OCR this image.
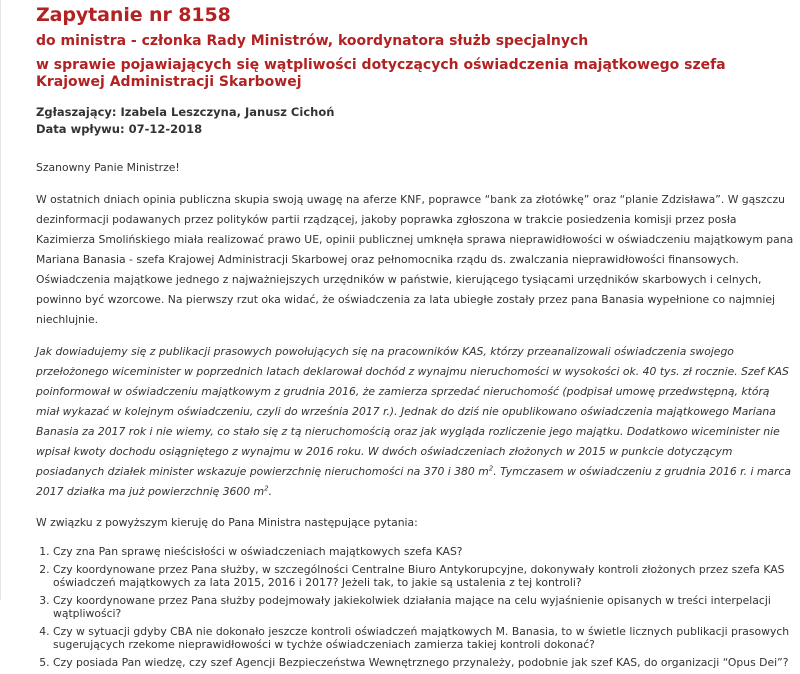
Zapytanie nr 8158
do ministra - członka Rady Ministrów, koordynatora służb specjalnych
w sprawie pojawiających się wątpliwości dotyczących oświadczenia majątkowego szefa Krajowej Administracji Skarbowej
Zgłaszający: Izabela Leszczyna, Janusz Cichoń
Data wpływu: 07-12-2018

Szanowny Panie Ministrze!

W ostatnich dniach opinia publiczna skupia swoją uwagę na aferze KNF, poprawce “bank za złotówkę” oraz “planie Zdzisława”. W gąszczu dezinformacji podawanych przez polityków partii rządzącej, jakoby poprawka zgłoszona w trakcie posiedzenia komisji przez posła Kazimierza Smolińskiego miała realizować prawo UE, opinii publicznej umknęła sprawa nieprawidłowości w oświadczeniu majątkowym pana Mariana Banasia - szefa Krajowej Administracji Skarbowej oraz pełnomocnika rządu ds. zwalczania nieprawidłowości finansowych. Oświadczenia majątkowe jednego z najważniejszych urzędników w państwie, kierującego tysiącami urzędników skarbowych i celnych, powinno być wzorcowe. Na pierwszy rzut oka widać, że oświadczenia za lata ubiegłe zostały przez pana Banasia wypełnione co najmniej niechlujnie.

Jak dowiadujemy się z publikacji prasowych powołujących się na pracowników KAS, którzy przeanalizowali oświadczenia swojego przełożonego wiceminister w poprzednich latach deklarował dochód z wynajmu nieruchomości w wysokości ok. 40 tys. zł rocznie. Szef KAS poinformował w oświadczeniu majątkowym z grudnia 2016, że zamierza sprzedać nieruchomość (podpisał umowę przedwstępną, którą miał wykazać w kolejnym oświadczeniu, czyli do września 2017 r.). Jednak do dziś nie opublikowano oświadczenia majątkowego Mariana Banasia za 2017 rok i nie wiemy, co stało się z tą nieruchomością oraz jak wygląda rozliczenie jego majątku. Dodatkowo wiceminister nie wpisał kwoty dochodu osiągniętego z wynajmu w 2016 roku. W dwóch oświadczeniach złożonych w 2015 w punkcie dotyczącym posiadanych działek minister wskazuje powierzchnię nieruchomości na 370 i 380 $m^2$. Tymczasem w oświadczeniu z grudnia 2016 r. i marca 2017 działka ma już powierzchnię 3600 $m^2$.

W związku z powyższym kieruję do Pana Ministra następujące pytania:

1. Czy zna Pan sprawę nieścisłości w oświadczeniach majątkowych szefa KAS?
2. Czy koordynowane przez Pana służby, w szczególności Centralne Biuro Antykorupcyjne, dokonywały kontroli złożonych przez szefa KAS oświadczeń majątkowych za lata 2015, 2016 i 2017? Jeżeli tak, to jakie są ustalenia z tej kontroli?
3. Czy koordynowane przez Pana służby podejmowały jakiekolwiek działania mające na celu wyjaśnienie opisanych w treści interpelacji wątpliwości?
4. Czy w sytuacji gdyby CBA nie dokonało jeszcze kontroli oświadczeń majątkowych M. Banasia, to w świetle licznych publikacji prasowych sugerujących rzekome nieprawidłowości w tychże oświadczeniach zamierza takiej kontroli dokonać?
5. Czy posiada Pan wiedzę, czy szef Agencji Bezpieczeństwa Wewnętrznego przynależy, podobnie jak szef KAS, do organizacji “Opus Dei”?
